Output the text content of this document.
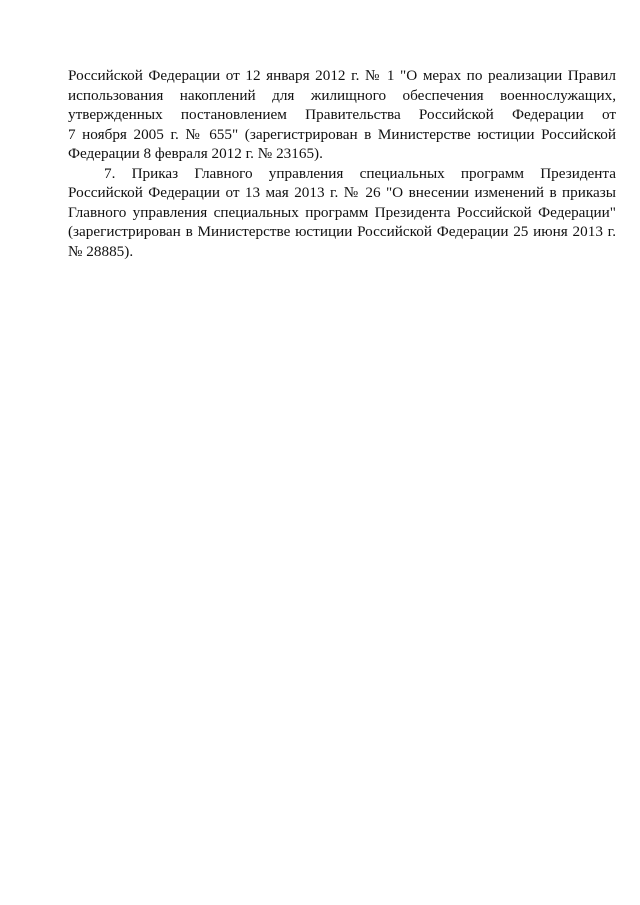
Российской Федерации от 12 января 2012 г. № 1 "О мерах по реализации Правил
использования накоплений для жилищного обеспечения военнослужащих,
утвержденных постановлением Правительства Российской Федерации от
7 ноября 2005 г. № 655" (зарегистрирован в Министерстве юстиции Российской
Федерации 8 февраля 2012 г. № 23165).
7. Приказ Главного управления специальных программ Президента
Российской Федерации от 13 мая 2013 г. № 26 "О внесении изменений в приказы
Главного управления специальных программ Президента Российской Федерации"
(зарегистрирован в Министерстве юстиции Российской Федерации 25 июня 2013 г.
№ 28885).
